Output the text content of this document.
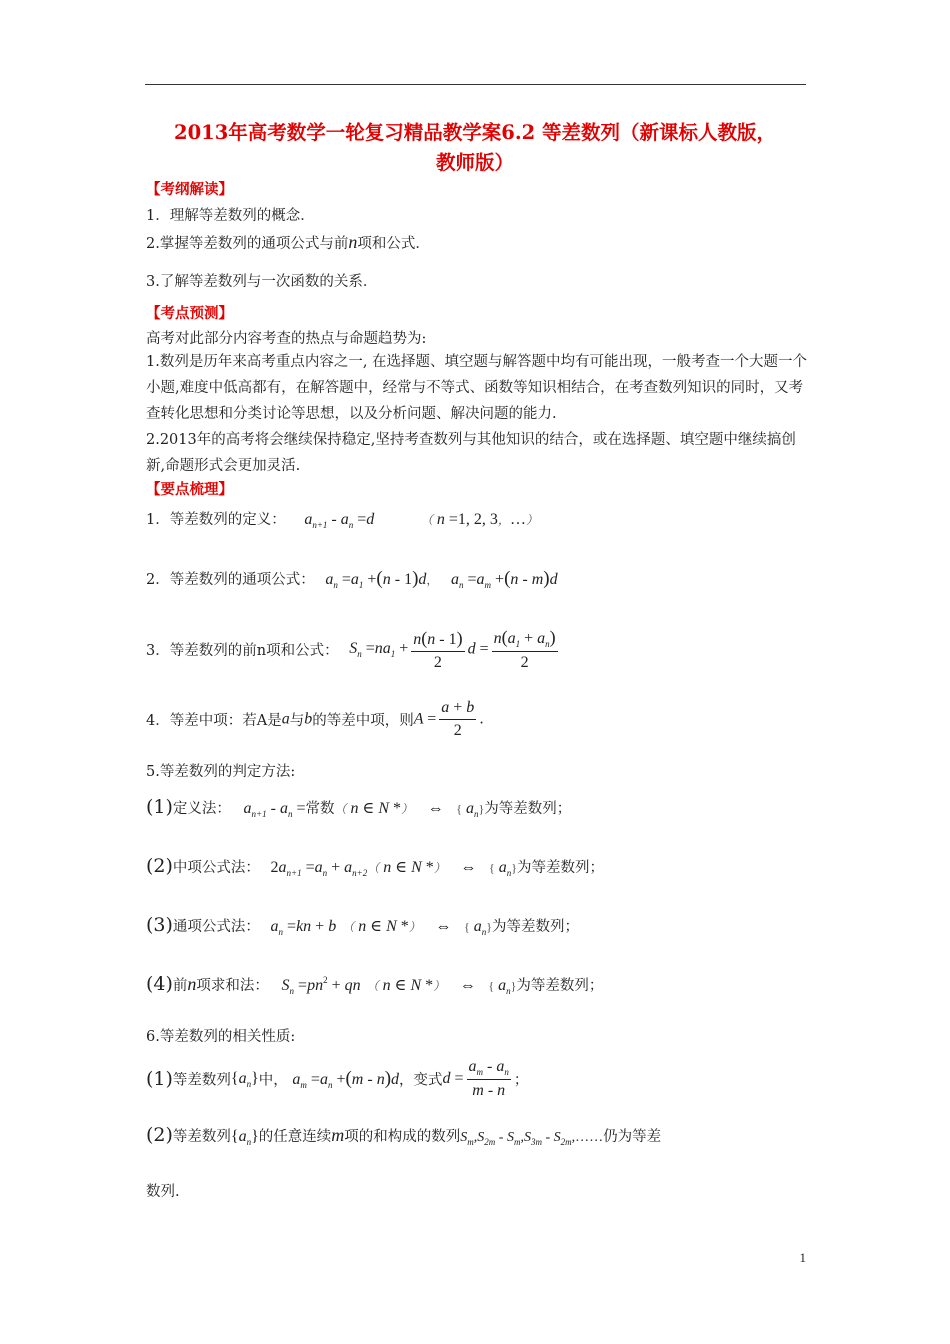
2013年高考数学一轮复习精品教学案6.2 等差数列（新课标人教版，
教师版）
【考纲解读】
1．理解等差数列的概念．
2.掌握等差数列的通项公式与前n项和公式．
3.了解等差数列与一次函数的关系．
【考点预测】
高考对此部分内容考查的热点与命题趋势为:
1.数列是历年来高考重点内容之一, 在选择题、填空题与解答题中均有可能出现，一般考查一个大题一个小题,难度中低高都有，在解答题中，经常与不等式、函数等知识相结合，在考查数列知识的同时，又考查转化思想和分类讨论等思想，以及分析问题、解决问题的能力.
2.2013年的高考将会继续保持稳定,坚持考查数列与其他知识的结合，或在选择题、填空题中继续搞创新,命题形式会更加灵活.
【要点梳理】
1．等差数列的定义： $a_{n+1} - a_n =d$	（ n =1, 2, 3，…）
2．等差数列的通项公式： $a_n =a_1 +(n - 1)d$， $a_n =a_m +(n - m)d$
3．等差数列的前n项和公式： $S_n =na_1 + \frac{n(n - 1)}{2}$ $d = \frac{n(a_1 + a_n)}{2}$
4．等差中项：若A是a与b的等差中项，则$A = \frac{a + b}{2}$ .
5.等差数列的判定方法:
(1)定义法： $a_{n+1} - a_n$ =常数（ n ∈ N *） ⇔ { $a_n$}为等差数列；
(2)中项公式法： $2a_{n+1} =a_n + a_{n+2}$（ n ∈ N *） ⇔ { $a_n$}为等差数列；
(3)通项公式法： $a_n =kn + b$ （ n ∈ N *） ⇔ { $a_n$}为等差数列；
(4)前n项求和法： $S_n =pn^2$ + qn （ n ∈ N *） ⇔ { $a_n$}为等差数列；
6.等差数列的相关性质:
(1)等差数列$\{a_n\}$中， $a_m =a_n +(m - n)d$，变式$d = \frac{a_m - a_n}{m - n}$ ；
(2)等差数列$\{a_n\}$的任意连续m项的和构成的数列$S_m,S_{2m} - S_m,S_{3m}$ - $S_{2m},\dots\dots$仍为等差
数列.
1
